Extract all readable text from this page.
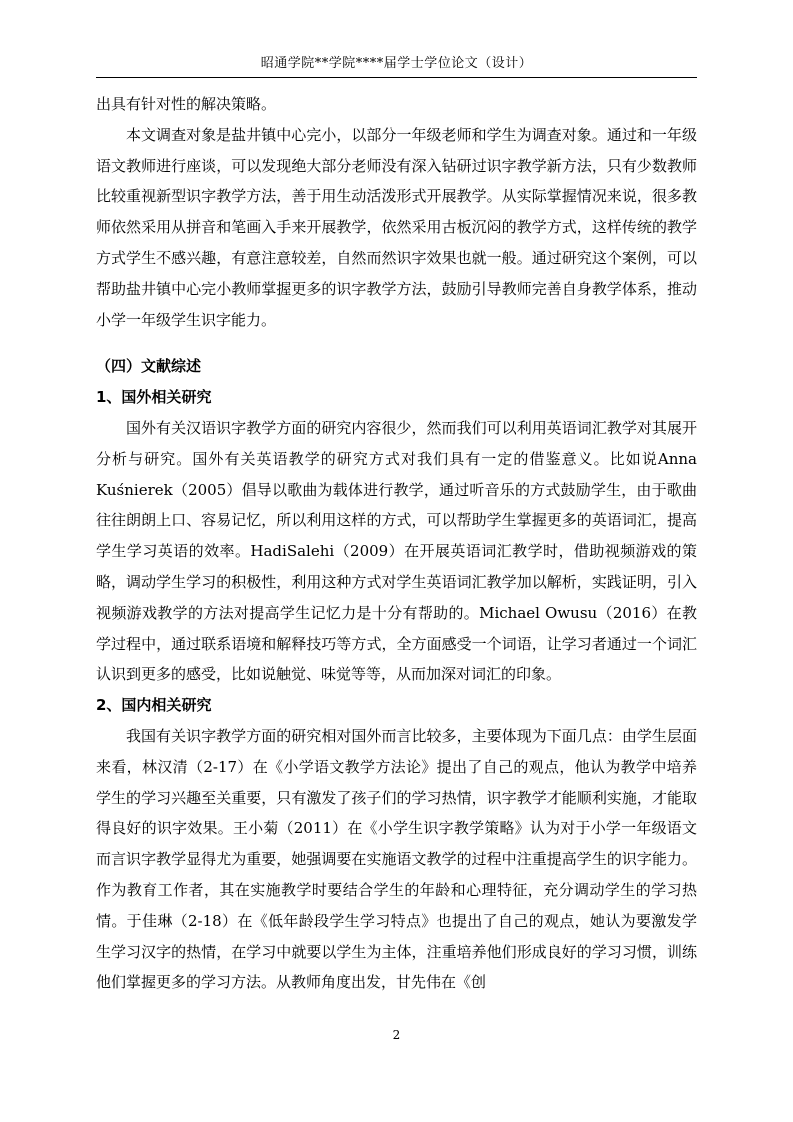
昭通学院**学院****届学士学位论文（设计）

出具有针对性的解决策略。

本文调查对象是盐井镇中心完小，以部分一年级老师和学生为调查对象。通过和一年级语文教师进行座谈，可以发现绝大部分老师没有深入钻研过识字教学新方法，只有少数教师比较重视新型识字教学方法，善于用生动活泼形式开展教学。从实际掌握情况来说，很多教师依然采用从拼音和笔画入手来开展教学，依然采用古板沉闷的教学方式，这样传统的教学方式学生不感兴趣，有意注意较差，自然而然识字效果也就一般。通过研究这个案例，可以帮助盐井镇中心完小教师掌握更多的识字教学方法，鼓励引导教师完善自身教学体系，推动小学一年级学生识字能力。

（四）文献综述

1、国外相关研究

国外有关汉语识字教学方面的研究内容很少，然而我们可以利用英语词汇教学对其展开分析与研究。国外有关英语教学的研究方式对我们具有一定的借鉴意义。比如说Anna Kuśnierek（2005）倡导以歌曲为载体进行教学，通过听音乐的方式鼓励学生，由于歌曲往往朗朗上口、容易记忆，所以利用这样的方式，可以帮助学生掌握更多的英语词汇，提高学生学习英语的效率。HadiSalehi（2009）在开展英语词汇教学时，借助视频游戏的策略，调动学生学习的积极性，利用这种方式对学生英语词汇教学加以解析，实践证明，引入视频游戏教学的方法对提高学生记忆力是十分有帮助的。Michael Owusu（2016）在教学过程中，通过联系语境和解释技巧等方式，全方面感受一个词语，让学习者通过一个词汇认识到更多的感受，比如说触觉、味觉等等，从而加深对词汇的印象。

2、国内相关研究

我国有关识字教学方面的研究相对国外而言比较多，主要体现为下面几点：由学生层面来看，林汉清（2-17）在《小学语文教学方法论》提出了自己的观点，他认为教学中培养学生的学习兴趣至关重要，只有激发了孩子们的学习热情，识字教学才能顺利实施，才能取得良好的识字效果。王小菊（2011）在《小学生识字教学策略》认为对于小学一年级语文而言识字教学显得尤为重要，她强调要在实施语文教学的过程中注重提高学生的识字能力。作为教育工作者，其在实施教学时要结合学生的年龄和心理特征，充分调动学生的学习热情。于佳琳（2-18）在《低年龄段学生学习特点》也提出了自己的观点，她认为要激发学生学习汉字的热情，在学习中就要以学生为主体，注重培养他们形成良好的学习习惯，训练他们掌握更多的学习方法。从教师角度出发，甘先伟在《创

2
